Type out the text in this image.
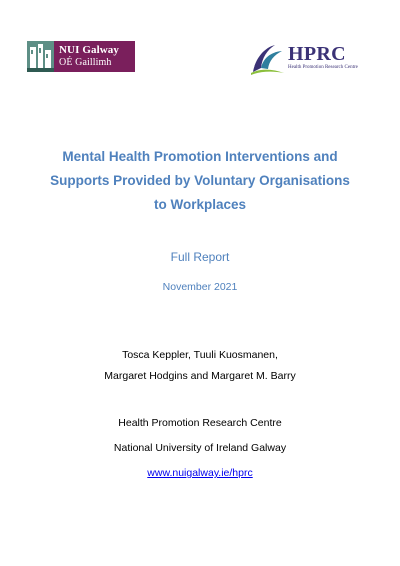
NUI Galway
OÉ Gaillimh	HPRC
Health Promotion Research Centre
Mental Health Promotion Interventions and
Supports Provided by Voluntary Organisations
to Workplaces
Full Report
November 2021
Tosca Keppler, Tuuli Kuosmanen,
Margaret Hodgins and Margaret M. Barry
Health Promotion Research Centre
National University of Ireland Galway
www.nuigalway.ie/hprc
